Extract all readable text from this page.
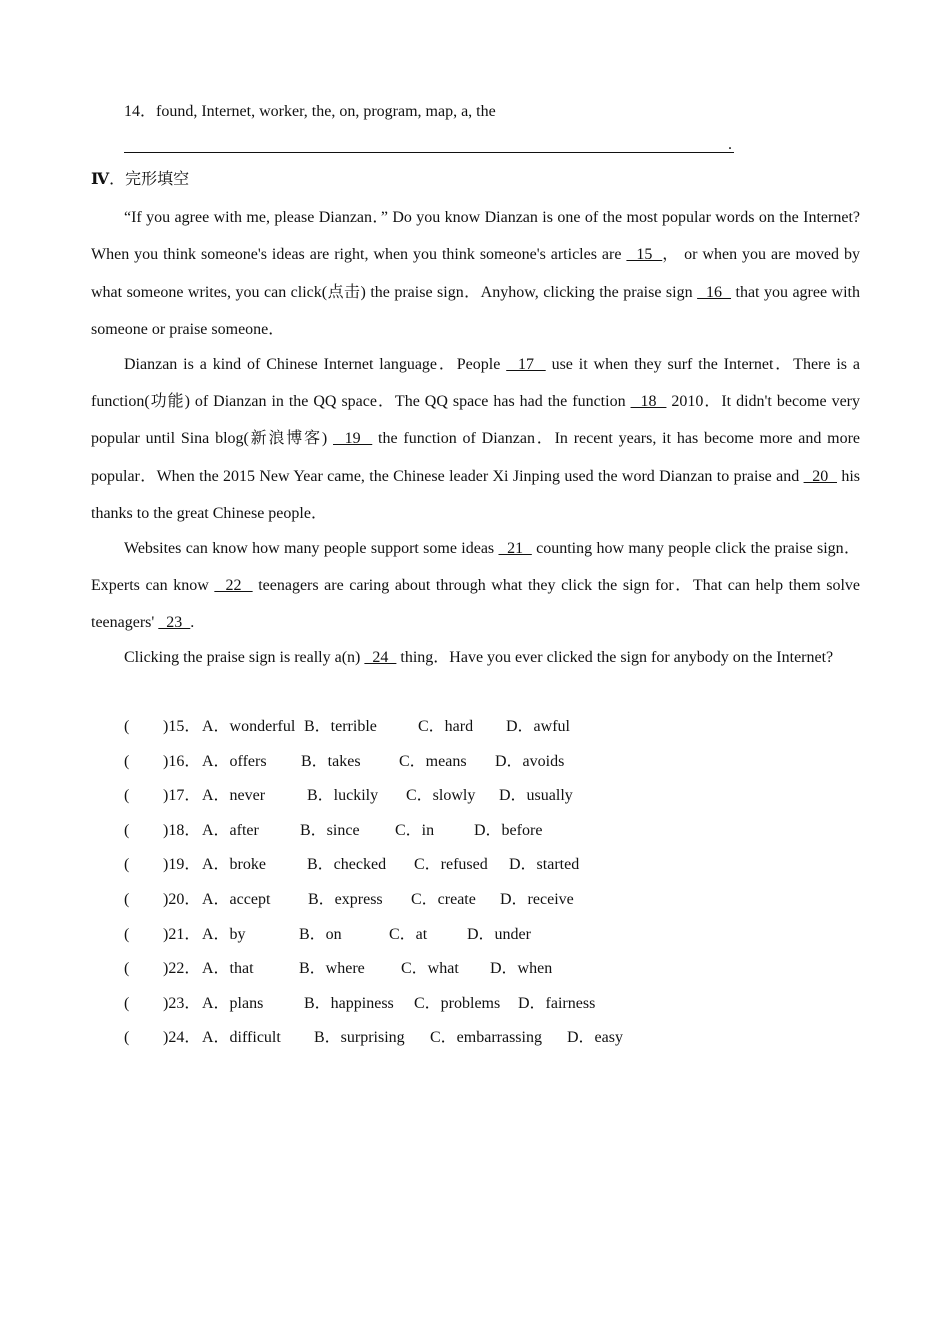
14．found, Internet, worker, the, on, program, map, a, the
.
Ⅳ．完形填空

“If you agree with me, please Dianzan．” Do you know Dianzan is one of the most popular words on the Internet? When you think someone's ideas are right, when you think someone's articles are   15  ， or when you are moved by what someone writes, you can click(点击) the praise sign．Anyhow, clicking the praise sign   16   that you agree with someone or praise someone．

Dianzan is a kind of Chinese Internet language．People   17   use it when they surf the Internet．There is a function(功能) of Dianzan in the QQ space．The QQ space has had the function   18   2010．It didn't become very popular until Sina blog(新浪博客)   19   the function of Dianzan．In recent years, it has become more and more popular．When the 2015 New Year came, the Chinese leader Xi Jinping used the word Dianzan to praise and   20   his thanks to the great Chinese people．

Websites can know how many people support some ideas   21   counting how many people click the praise sign．Experts can know   22   teenagers are caring about through what they click the sign for．That can help them solve teenagers'   23  .

Clicking the praise sign is really a(n)   24   thing．Have you ever clicked the sign for anybody on the Internet?

( )15． A．wonderful B．terrible	C．hard D．awful
( )16． A．offers B．takes C．means D．avoids
( )17． A．never	B．luckily C．slowly D．usually
( )18． A．after	B．since C．in D．before
( )19． A．broke	B．checked C．refused D．started
( )20． A．accept B．express C．create D．receive
( )21． A．by	B．on	C．at D．under
( )22． A．that	B．where C．what D．when
( )23． A．plans	B．happiness C．problems D．fairness
( )24． A．difficult B．surprising C．embarrassing D．easy
